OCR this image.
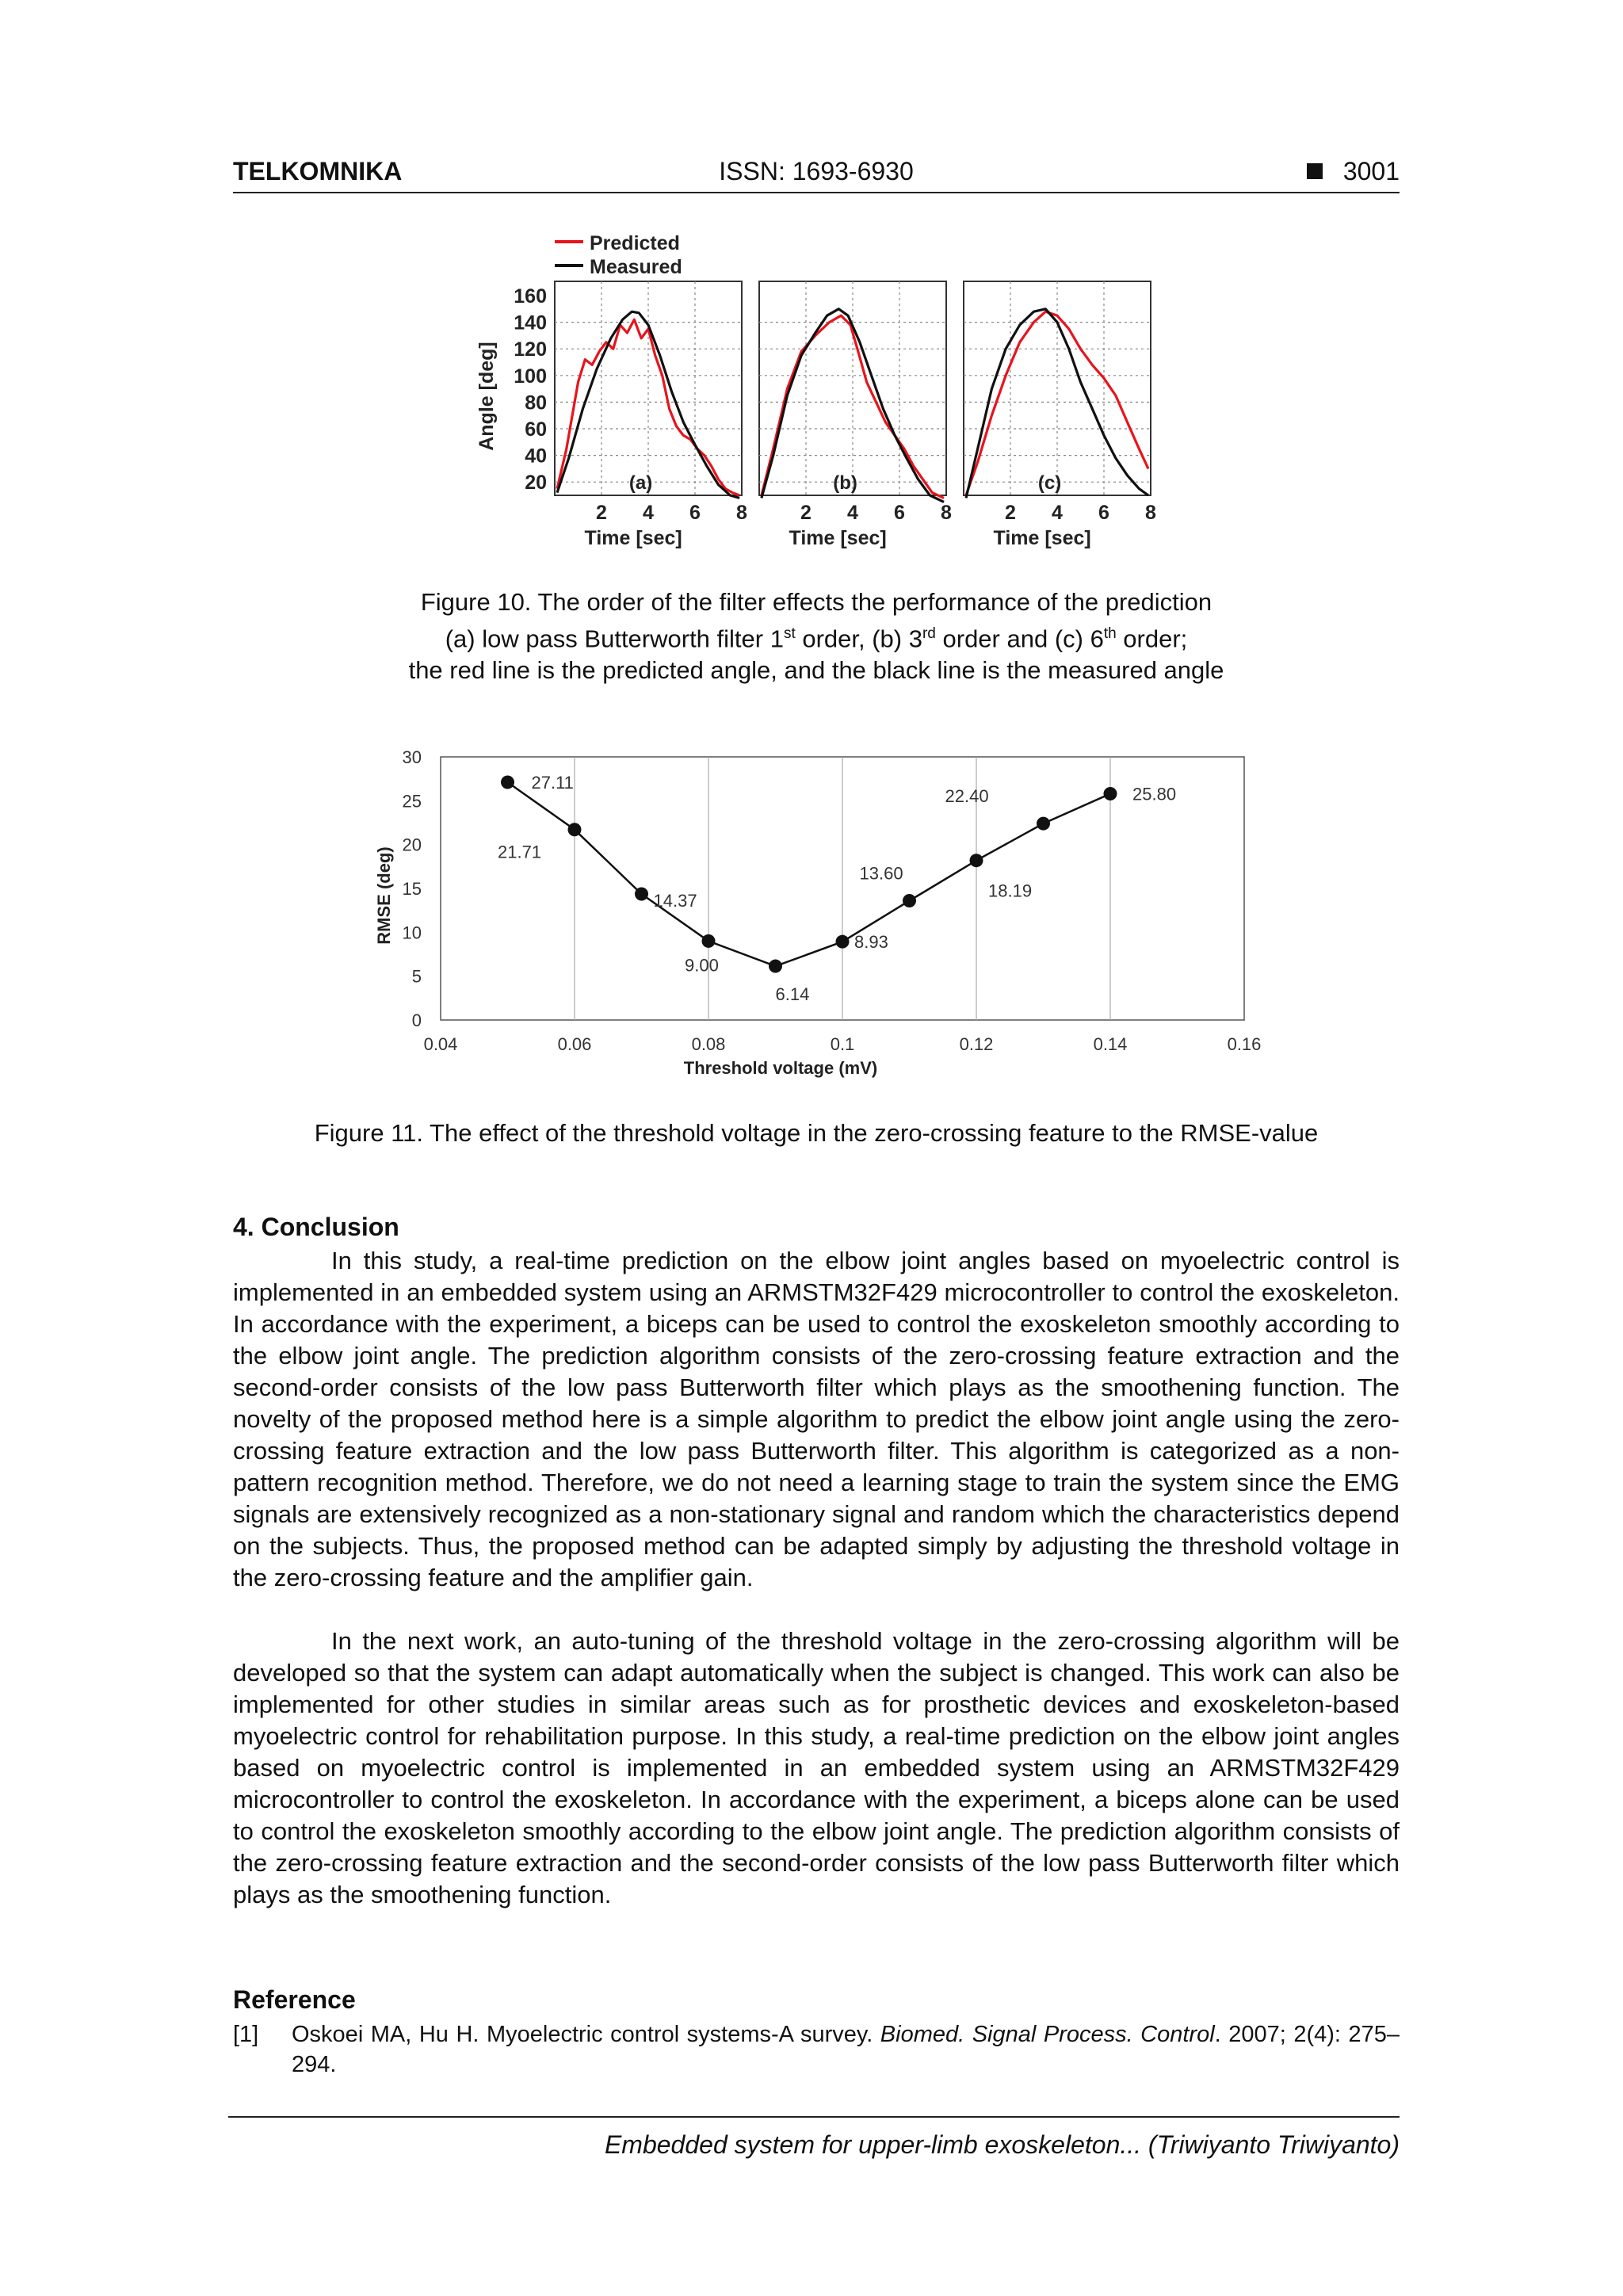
TELKOMNIKA	ISSN: 1693-6930	3001
Predicted
Measured
Angle [deg]
20
40
60
80
100
120
140
160
(a)
2 4 6 8
Time [sec]
(b)
2 4 6 8
Time [sec]
(c)
2 4 6 8
Time [sec]
Figure 10. The order of the filter effects the performance of the prediction
(a) low pass Butterworth filter 1st order, (b) 3rd order and (c) 6th order;
the red line is the predicted angle, and the black line is the measured angle
RMSE (deg)
Threshold voltage (mV)
0
5
10
15
20
25
30
0.04	0.06	0.08	0.1	0.12	0.14	0.16
27.11
21.71
14.37
9.00
6.14
8.93
13.60
18.19
22.40	25.80
Figure 11. The effect of the threshold voltage in the zero-crossing feature to the RMSE-value
4. Conclusion

In this study, a real-time prediction on the elbow joint angles based on myoelectric control is implemented in an embedded system using an ARMSTM32F429 microcontroller to control the exoskeleton. In accordance with the experiment, a biceps can be used to control the exoskeleton smoothly according to the elbow joint angle. The prediction algorithm consists of the zero-crossing feature extraction and the second-order consists of the low pass Butterworth filter which plays as the smoothening function. The novelty of the proposed method here is a simple algorithm to predict the elbow joint angle using the zero-crossing feature extraction and the low pass Butterworth filter. This algorithm is categorized as a non-pattern recognition method. Therefore, we do not need a learning stage to train the system since the EMG signals are extensively recognized as a non-stationary signal and random which the characteristics depend on the subjects. Thus, the proposed method can be adapted simply by adjusting the threshold voltage in the zero-crossing feature and the amplifier gain.

In the next work, an auto-tuning of the threshold voltage in the zero-crossing algorithm will be developed so that the system can adapt automatically when the subject is changed. This work can also be implemented for other studies in similar areas such as for prosthetic devices and exoskeleton-based myoelectric control for rehabilitation purpose. In this study, a real-time prediction on the elbow joint angles based on myoelectric control is implemented in an embedded system using an ARMSTM32F429 microcontroller to control the exoskeleton. In accordance with the experiment, a biceps alone can be used to control the exoskeleton smoothly according to the elbow joint angle. The prediction algorithm consists of the zero-crossing feature extraction and the second-order consists of the low pass Butterworth filter which plays as the smoothening function.

Reference
[1] Oskoei MA, Hu H. Myoelectric control systems-A survey. Biomed. Signal Process. Control. 2007; 2(4): 275–294.
Embedded system for upper-limb exoskeleton... (Triwiyanto Triwiyanto)
